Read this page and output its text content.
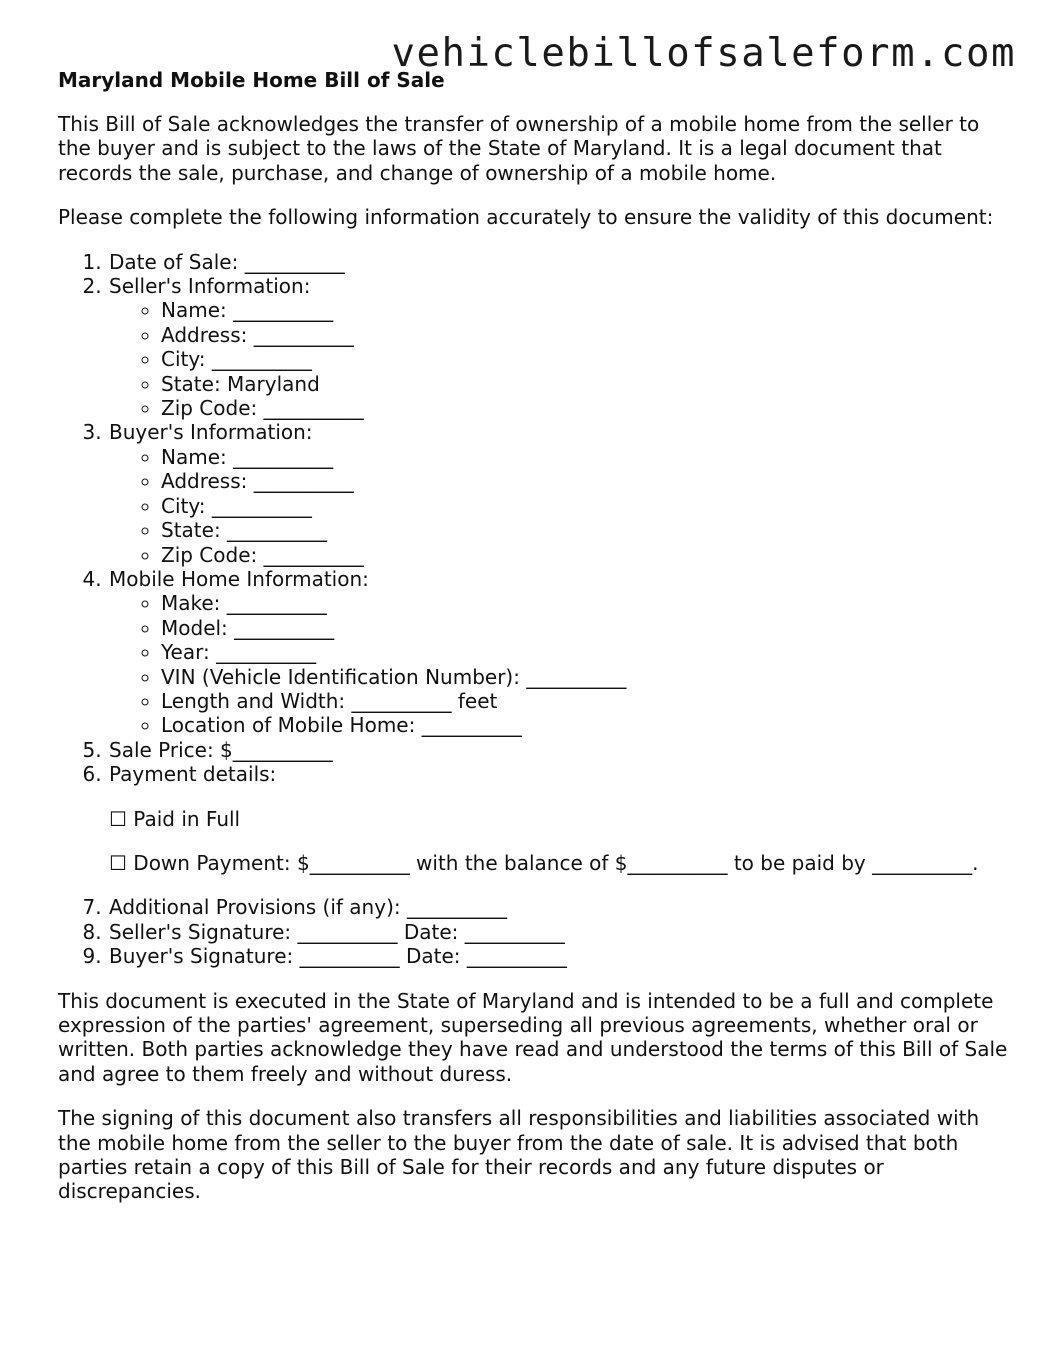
vehiclebillofsaleform.com
Maryland Mobile Home Bill of Sale

This Bill of Sale acknowledges the transfer of ownership of a mobile home from the seller to the buyer and is subject to the laws of the State of Maryland. It is a legal document that records the sale, purchase, and change of ownership of a mobile home.

Please complete the following information accurately to ensure the validity of this document:

1. Date of Sale: __________
2. Seller's Information:
◦ Name: __________
◦ Address: __________
◦ City: __________
◦ State: Maryland
◦ Zip Code: __________
3. Buyer's Information:
◦ Name: __________
◦ Address: __________
◦ City: __________
◦ State: __________
◦ Zip Code: __________
4. Mobile Home Information:
◦ Make: __________
◦ Model: __________
◦ Year: __________
◦ VIN (Vehicle Identification Number): __________
◦ Length and Width: __________ feet
◦ Location of Mobile Home: __________
5. Sale Price: $__________
6. Payment details:

☐ Paid in Full

☐ Down Payment: $__________ with the balance of $__________ to be paid by __________.

7. Additional Provisions (if any): __________
8. Seller's Signature: __________ Date: __________
9. Buyer's Signature: __________ Date: __________

This document is executed in the State of Maryland and is intended to be a full and complete expression of the parties' agreement, superseding all previous agreements, whether oral or written. Both parties acknowledge they have read and understood the terms of this Bill of Sale and agree to them freely and without duress.

The signing of this document also transfers all responsibilities and liabilities associated with the mobile home from the seller to the buyer from the date of sale. It is advised that both parties retain a copy of this Bill of Sale for their records and any future disputes or discrepancies.
